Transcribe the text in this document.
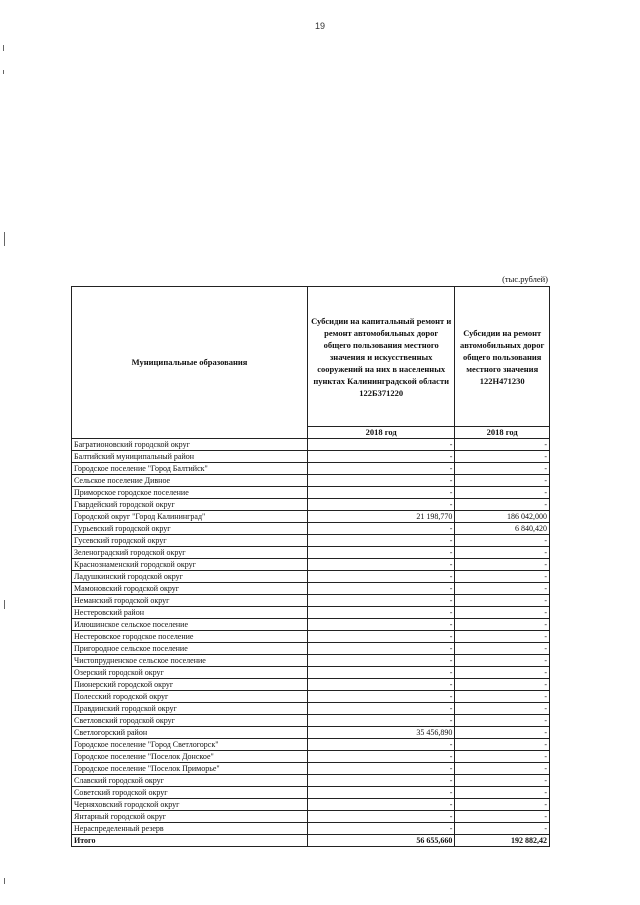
19
(тыс.рублей)
Муниципальные образования	Субсидии на капитальный ремонт и ремонт автомобильных дорог общего пользования местного значения и искусственных сооружений на них в населенных пунктах Калининградской области 122Б371220	Субсидии на ремонт автомобильных дорог общего пользования местного значения 122Н471230
	2018 год	2018 год
Багратионовский городской округ	-	-
Балтийский муниципальный район	-	-
Городское поселение "Город Балтийск"	-	-
Сельское поселение Дивное	-	-
Приморское городское поселение	-	-
Гвардейский городской округ	-	-
Городской округ "Город Калининград"	21 198,770	186 042,000
Гурьевский городской округ	-	6 840,420
Гусевский городской округ	-	-
Зеленоградский городской округ	-	-
Краснознаменский городской округ	-	-
Ладушкинский городской округ	-	-
Мамоновский городской округ	-	-
Неманский городской округ	-	-
Нестеровский район	-	-
Илюшинское сельское поселение	-	-
Нестеровское городское поселение	-	-
Пригородное сельское поселение	-	-
Чистопрудненское сельское поселение	-	-
Озерский городской округ	-	-
Пионерский городской округ	-	-
Полесский городской округ	-	-
Правдинский городской округ	-	-
Светловский городской округ	-	-
Светлогорский район	35 456,890	-
Городское поселение "Город Светлогорск"	-	-
Городское поселение "Поселок Донское"	-	-
Городское поселение "Поселок Приморье"	-	-
Славский городской округ	-	-
Советский городской округ	-	-
Черняховский городской округ	-	-
Янтарный городской округ	-	-
Нераспределенный резерв	-	-
Итого	56 655,660	192 882,42
